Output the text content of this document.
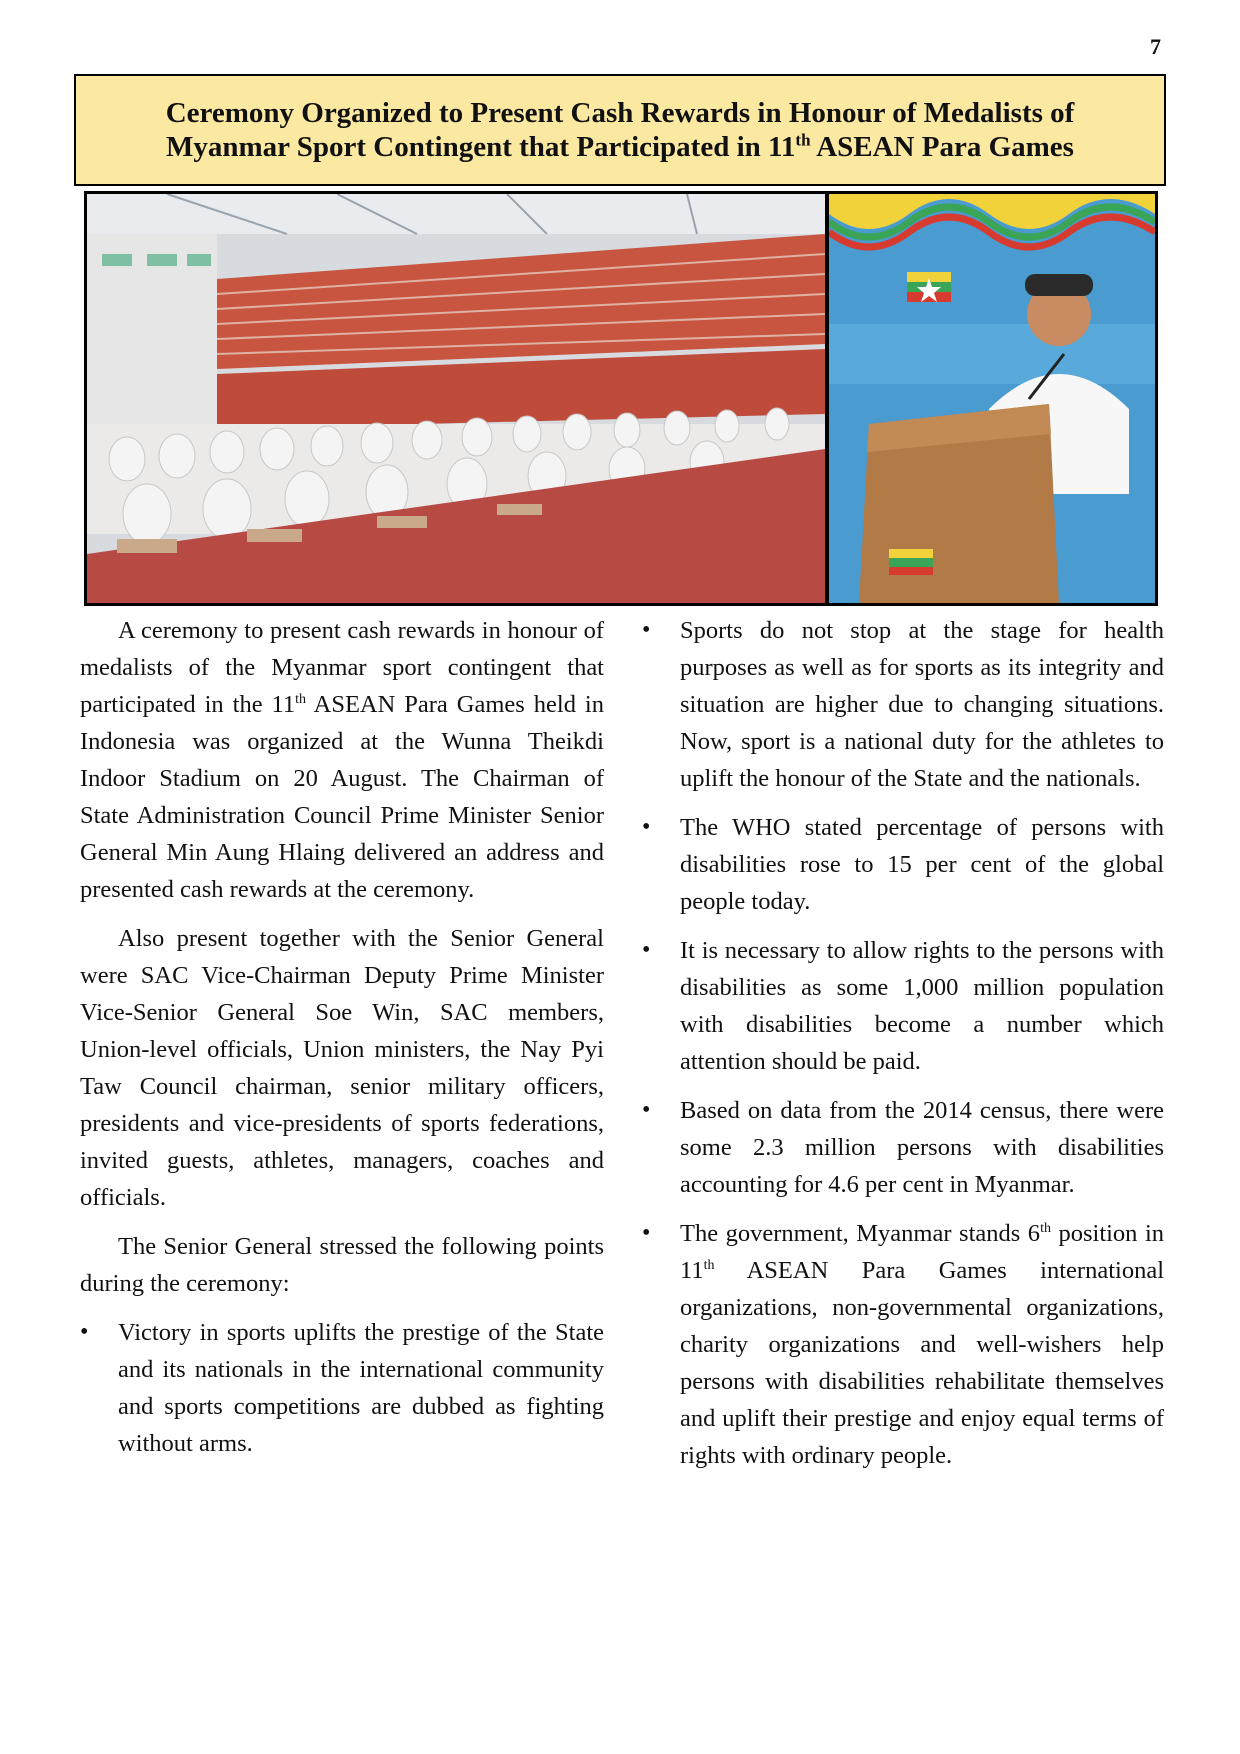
7
Ceremony Organized to Present Cash Rewards in Honour of Medalists of
Myanmar Sport Contingent that Participated in 11th ASEAN Para Games

A ceremony to present cash rewards in honour of medalists of the Myanmar sport contingent that participated in the 11th ASEAN Para Games held in Indonesia was organized at the Wunna Theikdi Indoor Stadium on 20 August. The Chairman of State Administration Council Prime Minister Senior General Min Aung Hlaing delivered an address and presented cash rewards at the ceremony.

Also present together with the Senior General were SAC Vice-Chairman Deputy Prime Minister Vice-Senior General Soe Win, SAC members, Union-level officials, Union ministers, the Nay Pyi Taw Council chairman, senior military officers, presidents and vice-presidents of sports federations, invited guests, athletes, managers, coaches and officials.

The Senior General stressed the following points during the ceremony:

• Victory in sports uplifts the prestige of the State and its nationals in the international community and sports competitions are dubbed as fighting without arms.
• Sports do not stop at the stage for health purposes as well as for sports as its integrity and situation are higher due to changing situations. Now, sport is a national duty for the athletes to uplift the honour of the State and the nationals.
• The WHO stated percentage of persons with disabilities rose to 15 per cent of the global people today.
• It is necessary to allow rights to the persons with disabilities as some 1,000 million population with disabilities become a number which attention should be paid.
• Based on data from the 2014 census, there were some 2.3 million persons with disabilities accounting for 4.6 per cent in Myanmar.
• The government, Myanmar stands 6th position in 11th ASEAN Para Games international organizations, non-governmental organizations, charity organizations and well-wishers help persons with disabilities rehabilitate themselves and uplift their prestige and enjoy equal terms of rights with ordinary people.
